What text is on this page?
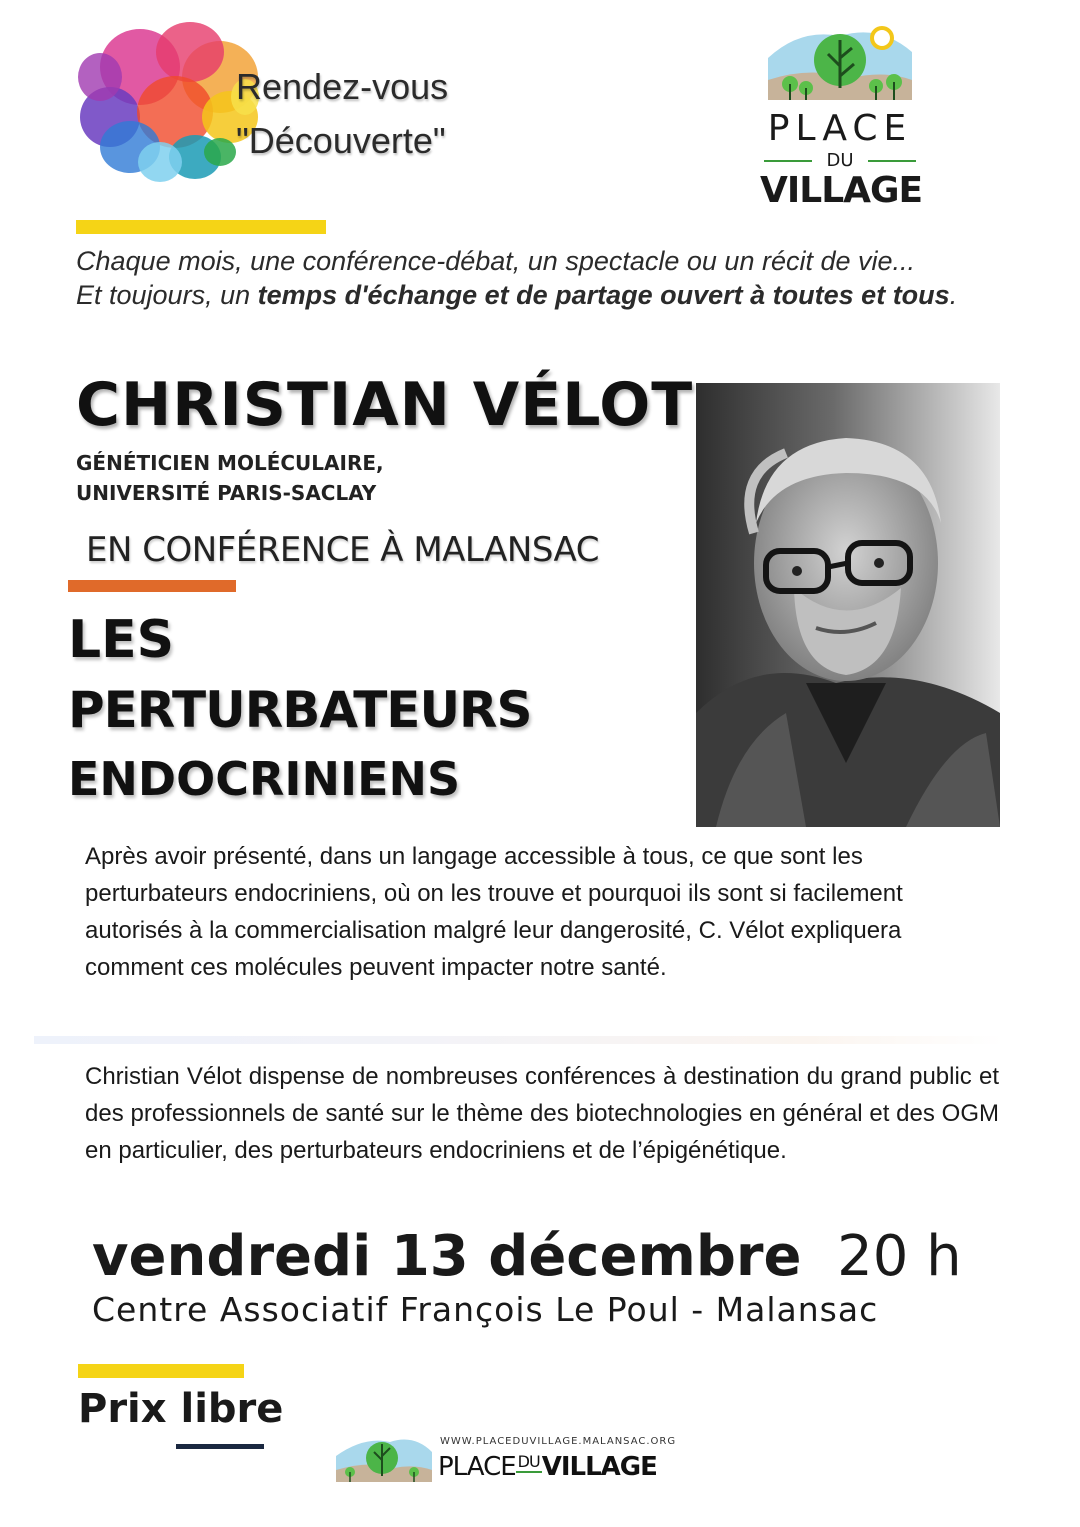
Rendez-vous
"Découverte"	PLACE
DU
VILLAGE
Chaque mois, une conférence-débat, un spectacle ou un récit de vie...
Et toujours, un temps d'échange et de partage ouvert à toutes et tous.
CHRISTIAN VÉLOT
GÉNÉTICIEN MOLÉCULAIRE,
UNIVERSITÉ PARIS-SACLAY
EN CONFÉRENCE À MALANSAC
LES
PERTURBATEURS
ENDOCRINIENS
Après avoir présenté, dans un langage accessible à tous, ce que sont les perturbateurs endocriniens, où on les trouve et pourquoi ils sont si facilement autorisés à la commercialisation malgré leur dangerosité, C. Vélot expliquera comment ces molécules peuvent impacter notre santé.
Christian Vélot dispense de nombreuses conférences à destination du grand public et des professionnels de santé sur le thème des biotechnologies en général et des OGM en particulier, des perturbateurs endocriniens et de l’épigénétique.
vendredi 13 décembre 20 h
Centre Associatif François Le Poul - Malansac
Prix libre
WWW.PLACEDUVILLAGE.MALANSAC.ORG
PLACE $^{DU}$VILLAGE
